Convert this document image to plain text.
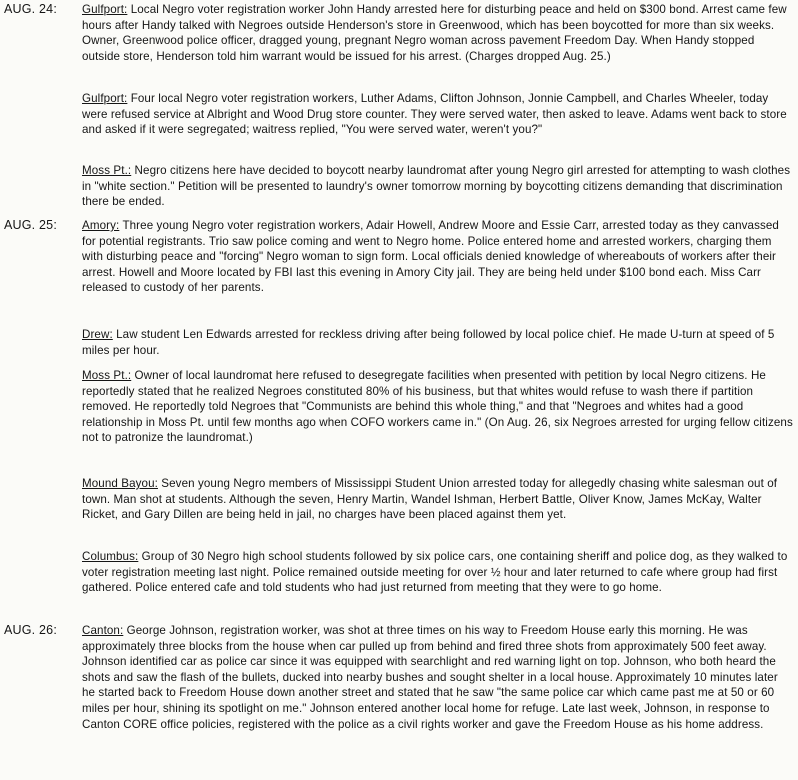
AUG. 24: Gulfport: Local Negro voter registration worker John Handy arrested here for disturbing peace and held on $300 bond. Arrest came few hours after Handy talked with Negroes outside Henderson's store in Greenwood, which has been boycotted for more than six weeks. Owner, Greenwood police officer, dragged young, pregnant Negro woman across pavement Freedom Day. When Handy stopped outside store, Henderson told him warrant would be issued for his arrest. (Charges dropped Aug. 25.)
Gulfport: Four local Negro voter registration workers, Luther Adams, Clifton Johnson, Jonnie Campbell, and Charles Wheeler, today were refused service at Albright and Wood Drug store counter. They were served water, then asked to leave. Adams went back to store and asked if it were segregated; waitress replied, "You were served water, weren't you?"
Moss Pt.: Negro citizens here have decided to boycott nearby laundromat after young Negro girl arrested for attempting to wash clothes in "white section." Petition will be presented to laundry's owner tomorrow morning by boycotting citizens demanding that discrimination there be ended.
AUG. 25: Amory: Three young Negro voter registration workers, Adair Howell, Andrew Moore and Essie Carr, arrested today as they canvassed for potential registrants. Trio saw police coming and went to Negro home. Police entered home and arrested workers, charging them with disturbing peace and "forcing" Negro woman to sign form. Local officials denied knowledge of whereabouts of workers after their arrest. Howell and Moore located by FBI last this evening in Amory City jail. They are being held under $100 bond each. Miss Carr released to custody of her parents.
Drew: Law student Len Edwards arrested for reckless driving after being followed by local police chief. He made U-turn at speed of 5 miles per hour.
Moss Pt.: Owner of local laundromat here refused to desegregate facilities when presented with petition by local Negro citizens. He reportedly stated that he realized Negroes constituted 80% of his business, but that whites would refuse to wash there if partition removed. He reportedly told Negroes that "Communists are behind this whole thing," and that "Negroes and whites had a good relationship in Moss Pt. until few months ago when COFO workers came in." (On Aug. 26, six Negroes arrested for urging fellow citizens not to patronize the laundromat.)
Mound Bayou: Seven young Negro members of Mississippi Student Union arrested today for allegedly chasing white salesman out of town. Man shot at students. Although the seven, Henry Martin, Wandel Ishman, Herbert Battle, Oliver Know, James McKay, Walter Ricket, and Gary Dillen are being held in jail, no charges have been placed against them yet.
Columbus: Group of 30 Negro high school students followed by six police cars, one containing sheriff and police dog, as they walked to voter registration meeting last night. Police remained outside meeting for over ½ hour and later returned to cafe where group had first gathered. Police entered cafe and told students who had just returned from meeting that they were to go home.
AUG. 26: Canton: George Johnson, registration worker, was shot at three times on his way to Freedom House early this morning. He was approximately three blocks from the house when car pulled up from behind and fired three shots from approximately 500 feet away. Johnson identified car as police car since it was equipped with searchlight and red warning light on top. Johnson, who both heard the shots and saw the flash of the bullets, ducked into nearby bushes and sought shelter in a local house. Approximately 10 minutes later he started back to Freedom House down another street and stated that he saw "the same police car which came past me at 50 or 60 miles per hour, shining its spotlight on me." Johnson entered another local home for refuge. Late last week, Johnson, in response to Canton CORE office policies, registered with the police as a civil rights worker and gave the Freedom House as his home address.
